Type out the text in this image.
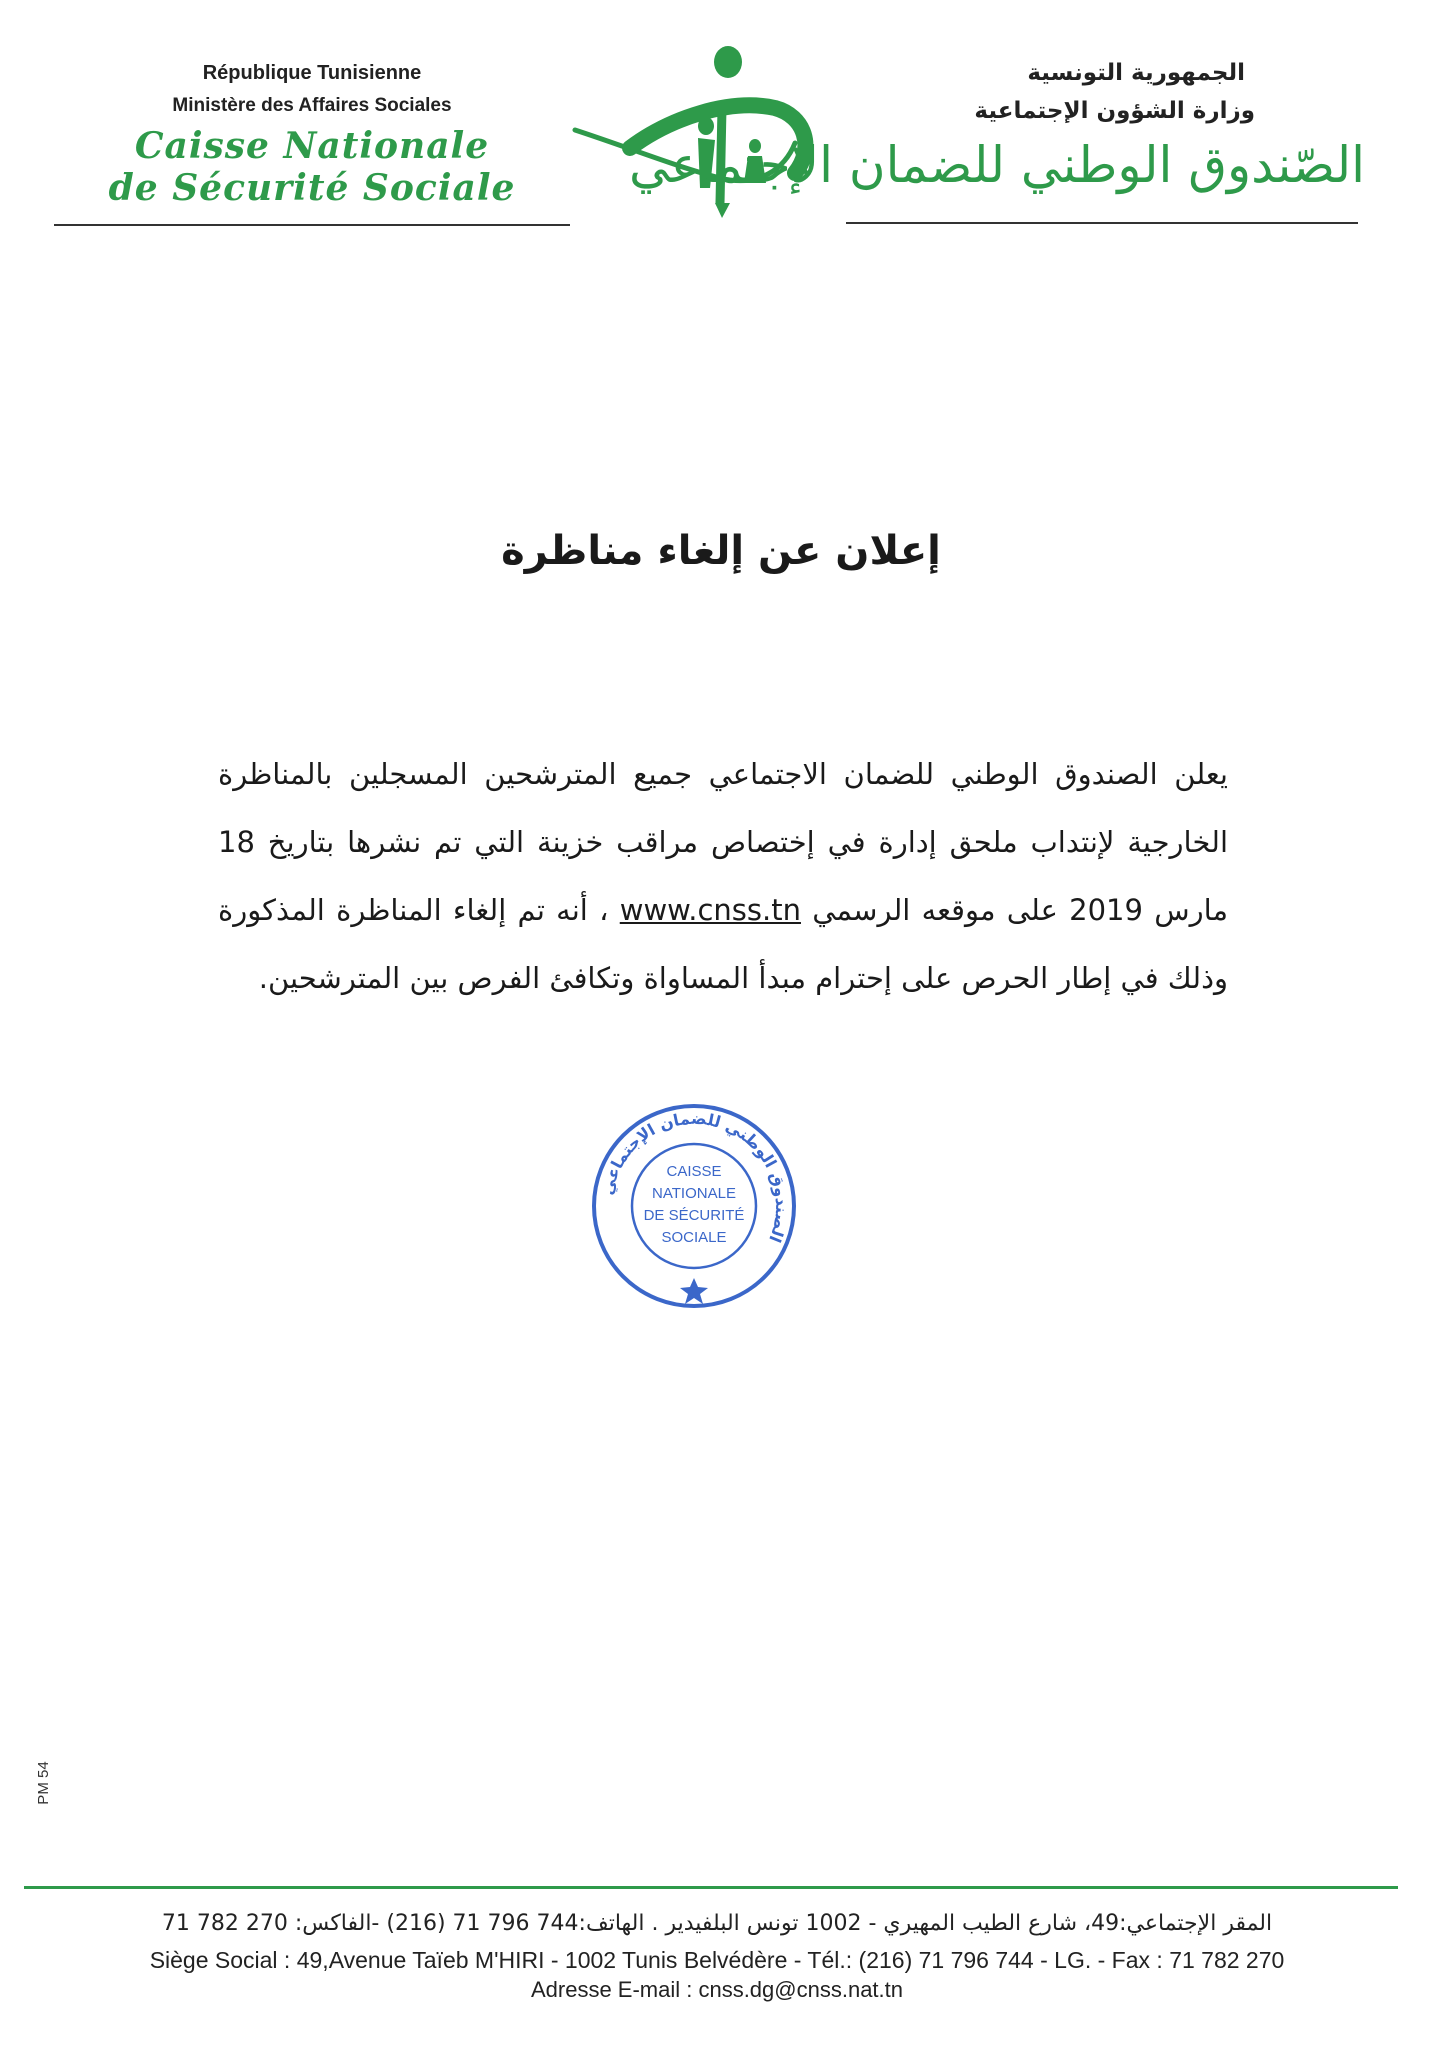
République Tunisienne
Ministère des Affaires Sociales
Caisse Nationale
de Sécurité Sociale
الجمهورية التونسية
وزارة الشؤون الإجتماعية
الصّندوق الوطني للضمان الإجتماعي
إعلان عن إلغاء مناظرة
يعلن الصندوق الوطني للضمان الاجتماعي جميع المترشحين المسجلين بالمناظرة الخارجية لإنتداب ملحق إدارة في إختصاص مراقب خزينة التي تم نشرها بتاريخ 18 مارس 2019 على موقعه الرسمي www.cnss.tn ، أنه تم إلغاء المناظرة المذكورة وذلك في إطار الحرص على إحترام مبدأ المساواة وتكافئ الفرص بين المترشحين.
الصندوق الوطني للضمان الإجتماعي
CAISSE
NATIONALE
DE SÉCURITÉ
SOCIALE
PM 54
المقر الإجتماعي:49، شارع الطيب المهيري - 1002 تونس البلفيدير . الهاتف:744 796 71 (216) -الفاكس: 270 782 71
Siège Social : 49,Avenue Taïeb M'HIRI - 1002 Tunis Belvédère - Tél.: (216) 71 796 744 - LG. - Fax : 71 782 270
Adresse E-mail : cnss.dg@cnss.nat.tn
